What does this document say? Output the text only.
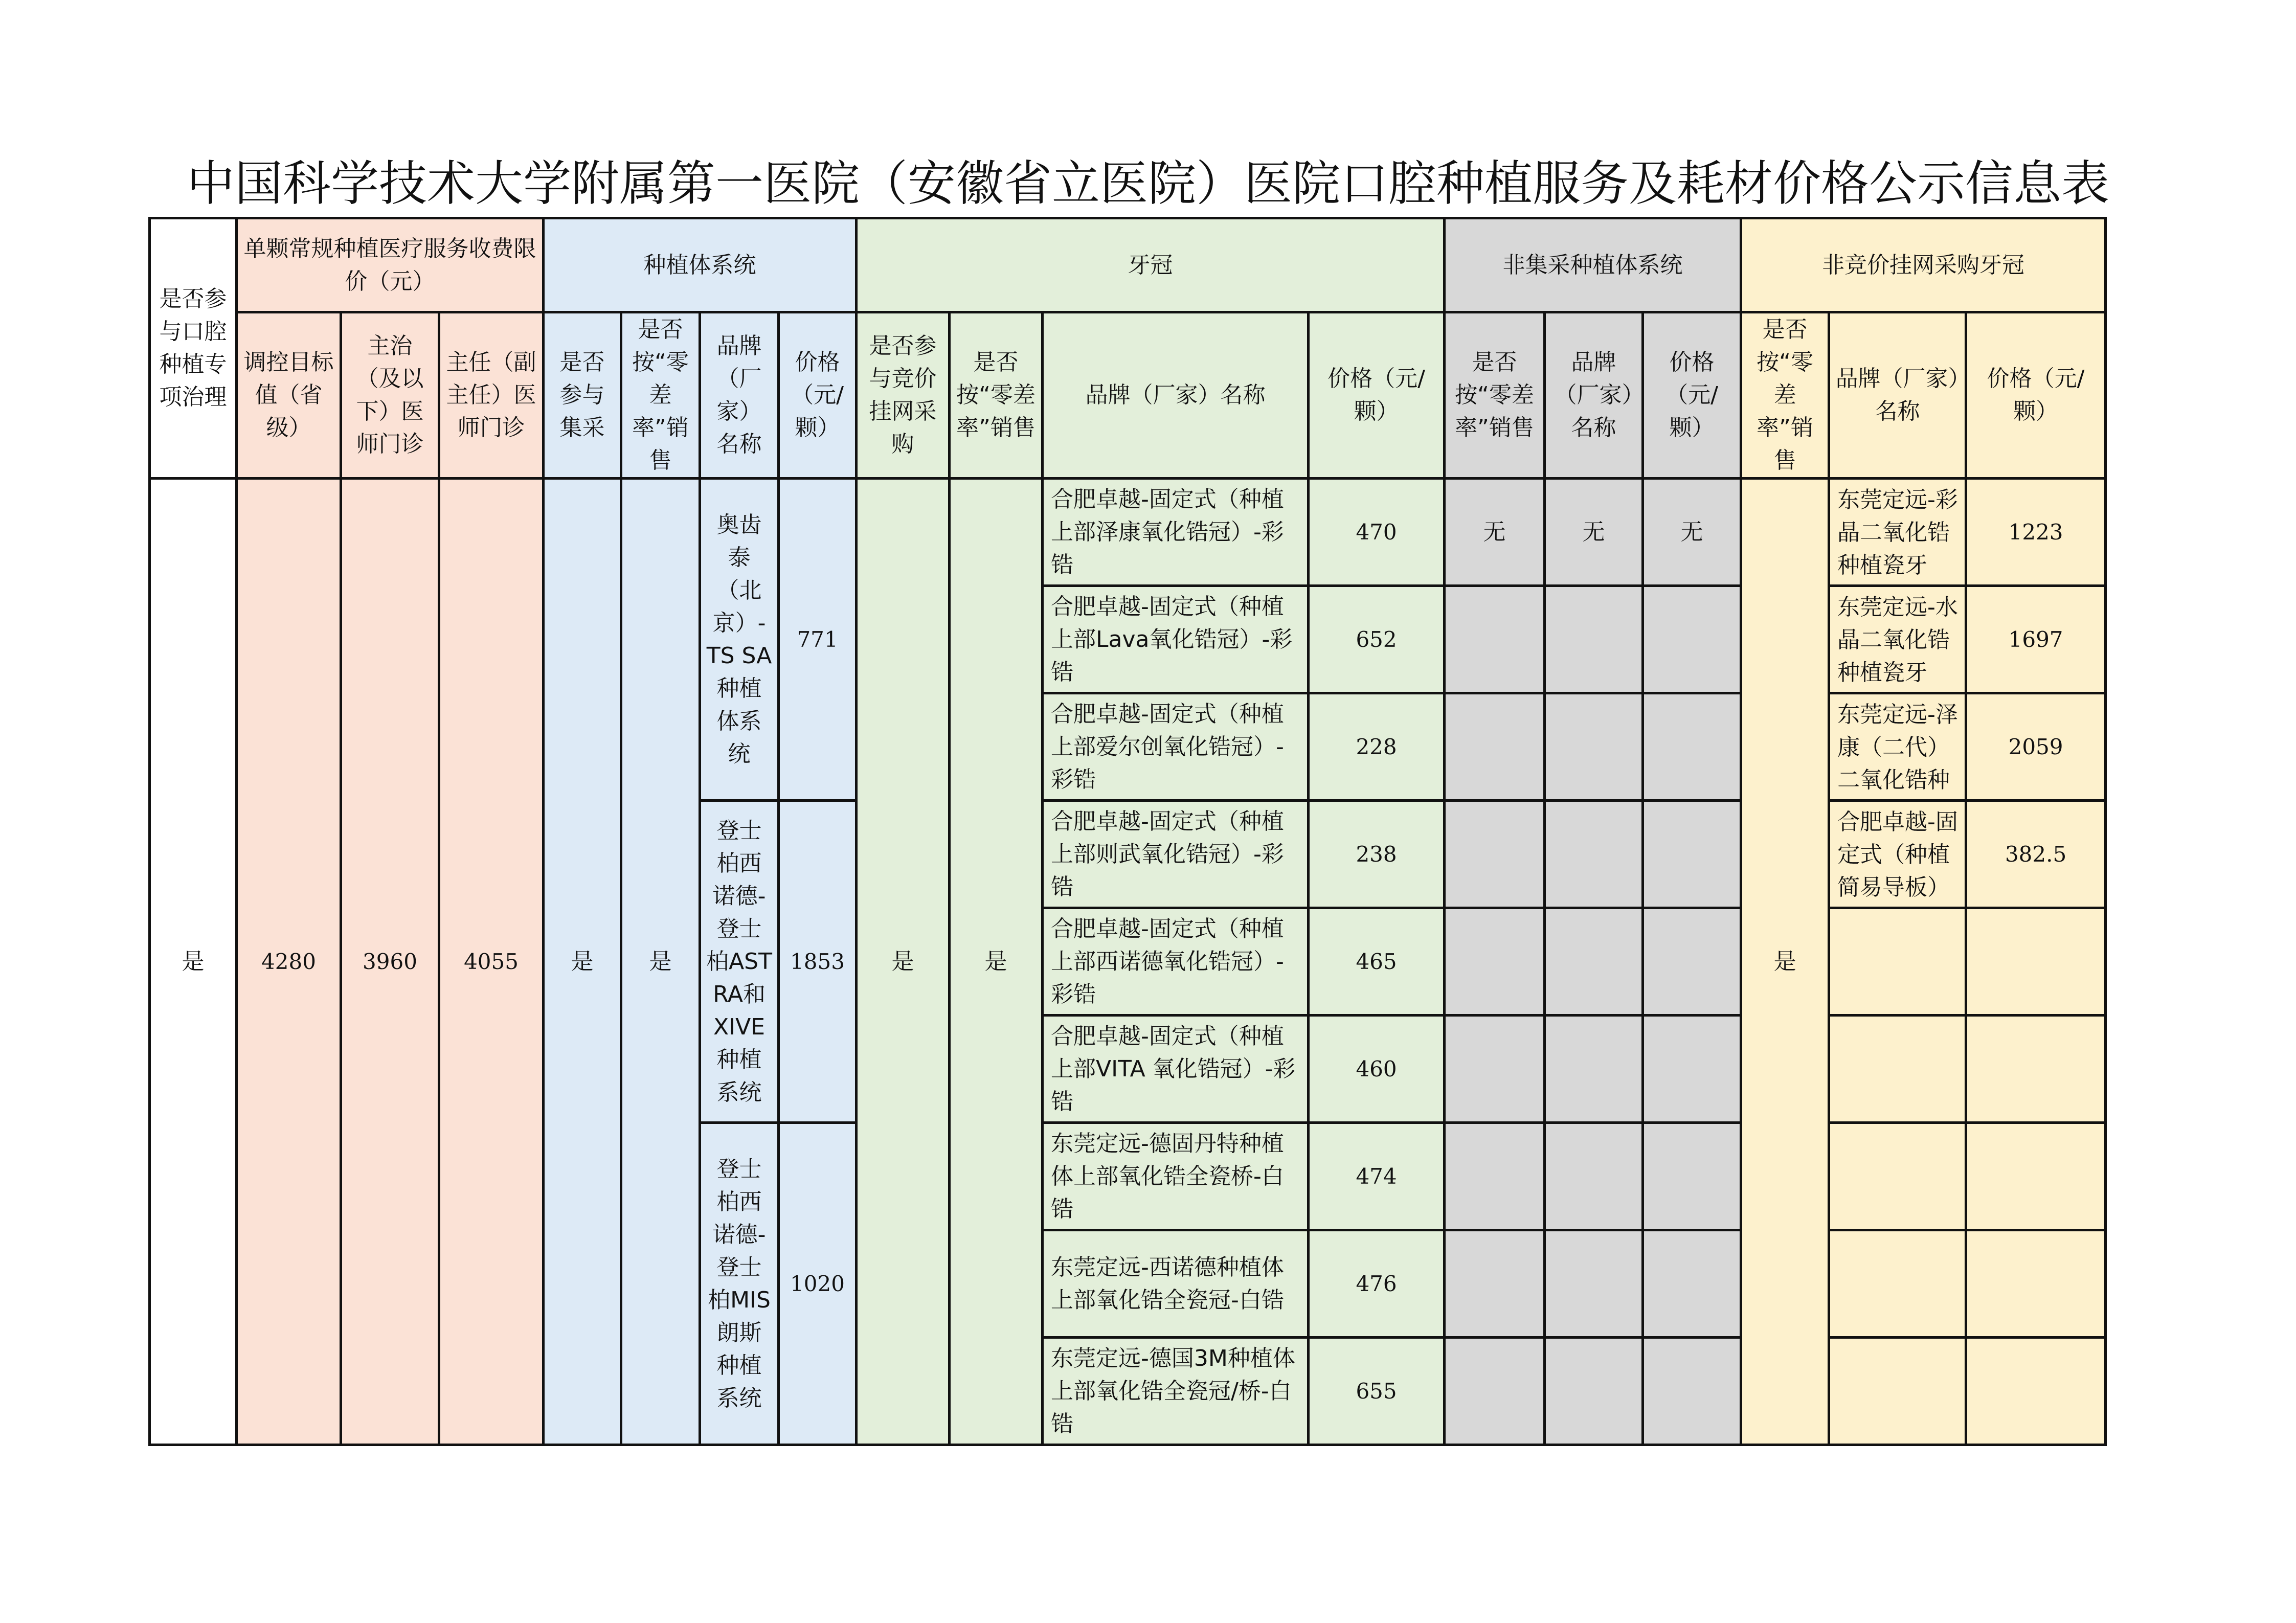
中国科学技术大学附属第一医院（安徽省立医院）医院口腔种植服务及耗材价格公示信息表
是否参与口腔种植专项治理	单颗常规种植医疗服务收费限价（元）			种植体系统				牙冠				非集采种植体系统			非竞价挂网采购牙冠		
	调控目标值（省级）	主治（及以下）医师门诊	主任（副主任）医师门诊	是否参与集采	是否按“零差率”销售	品牌（厂家）名称	价格（元/颗）	是否参与竞价挂网采购	是否按“零差率”销售	品牌（厂家）名称	价格（元/颗）	是否按“零差率”销售	品牌（厂家）名称	价格（元/颗）	是否按“零差率”销售	品牌（厂家）名称	价格（元/颗）
是	4280	3960	4055	是	是	奥齿泰（北京）-TS SA种植体系统	771	是	是	合肥卓越-固定式（种植上部泽康氧化锆冠）-彩锆	470	无	无	无	是	东莞定远-彩晶二氧化锆种植瓷牙	1223
										合肥卓越-固定式（种植上部Lava氧化锆冠）-彩锆	652					东莞定远-水晶二氧化锆种植瓷牙	1697
										合肥卓越-固定式（种植上部爱尔创氧化锆冠）-彩锆	228					东莞定远-泽康（二代）二氧化锆种	2059
						登士柏西诺德-登士柏ASTRA和XIVE种植系统	1853			合肥卓越-固定式（种植上部则武氧化锆冠）-彩锆	238					合肥卓越-固定式（种植简易导板）	382.5
										合肥卓越-固定式（种植上部西诺德氧化锆冠）-彩锆	465						
										合肥卓越-固定式（种植上部VITA 氧化锆冠）-彩锆	460						
						登士柏西诺德-登士柏MIS朗斯种植系统	1020			东莞定远-德固丹特种植体上部氧化锆全瓷桥-白锆	474						
										东莞定远-西诺德种植体上部氧化锆全瓷冠-白锆	476						
										东莞定远-德国3M种植体上部氧化锆全瓷冠/桥-白锆	655						
